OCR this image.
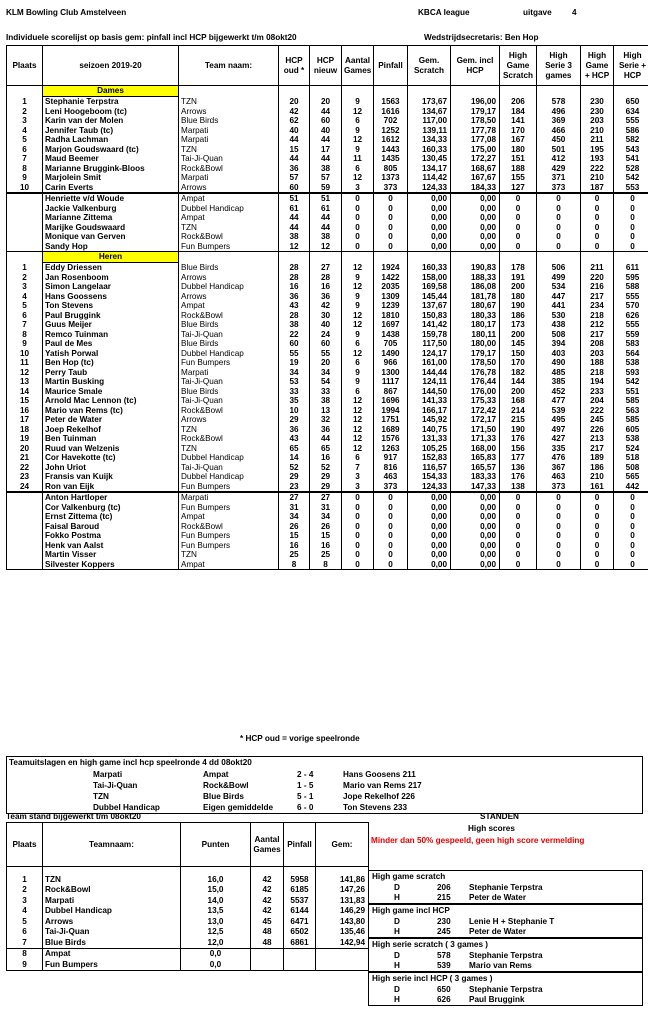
KLM Bowling Club Amstelveen	KBCA league	uitgave 4
Individuele scorelijst op basis gem: pinfall incl HCP bijgewerkt t/m 08okt20	Wedstrijdsecretaris: Ben Hop
Plaats	seizoen 2019-20	Team naam:	HCP oud *	HCP nieuw	Aantal Games	Pinfall	Gem. Scratch	Gem. incl HCP	High Game Scratch	High Serie 3 games	High Game + HCP	High Serie + HCP
	Dames											
1	Stephanie Terpstra	TZN	20	20	9	1563	173,67	196,00	206	578	230	650
2	Leni Hoogeboom (tc)	Arrows	42	44	12	1616	134,67	179,17	184	496	230	634
3	Karin van der Molen	Blue Birds	62	60	6	702	117,00	178,50	141	369	203	555
4	Jennifer Taub (tc)	Marpati	40	40	9	1252	139,11	177,78	170	466	210	586
5	Radha Lachman	Marpati	44	44	12	1612	134,33	177,08	167	450	211	582
6	Marjon Goudswaard (tc)	TZN	15	17	9	1443	160,33	175,00	180	501	195	543
7	Maud Beemer	Tai-Ji-Quan	44	44	11	1435	130,45	172,27	151	412	193	541
8	Marianne Bruggink-Bloos	Rock&Bowl	36	38	6	805	134,17	168,67	188	429	222	528
9	Marjolein Smit	Marpati	57	57	12	1373	114,42	167,67	155	371	210	542
10	Carin Everts	Arrows	60	59	3	373	124,33	184,33	127	373	187	553
	Henriette v/d Woude	Ampat	51	51	0	0	0,00	0,00	0	0	0	0
	Jackie Valkenburg	Dubbel Handicap	61	61	0	0	0,00	0,00	0	0	0	0
	Marianne Zittema	Ampat	44	44	0	0	0,00	0,00	0	0	0	0
	Marijke Goudswaard	TZN	44	44	0	0	0,00	0,00	0	0	0	0
	Monique van Gerven	Rock&Bowl	38	38	0	0	0,00	0,00	0	0	0	0
	Sandy Hop	Fun Bumpers	12	12	0	0	0,00	0,00	0	0	0	0
	Heren											
1	Eddy Driessen	Blue Birds	28	27	12	1924	160,33	190,83	178	506	211	611
2	Jan Rosenboom	Arrows	28	28	9	1422	158,00	188,33	191	499	220	595
3	Simon Langelaar	Dubbel Handicap	16	16	12	2035	169,58	186,08	200	534	216	588
4	Hans Goossens	Arrows	36	36	9	1309	145,44	181,78	180	447	217	555
5	Ton Stevens	Ampat	43	42	9	1239	137,67	180,67	190	441	234	570
6	Paul Bruggink	Rock&Bowl	28	30	12	1810	150,83	180,33	186	530	218	626
7	Guus Meijer	Blue Birds	38	40	12	1697	141,42	180,17	173	438	212	555
8	Remco Tuinman	Tai-Ji-Quan	22	24	9	1438	159,78	180,11	200	508	217	559
9	Paul de Mes	Blue Birds	60	60	6	705	117,50	180,00	145	394	208	583
10	Yatish Porwal	Dubbel Handicap	55	55	12	1490	124,17	179,17	150	403	203	564
11	Ben Hop (tc)	Fun Bumpers	19	20	6	966	161,00	178,50	170	490	188	538
12	Perry Taub	Marpati	34	34	9	1300	144,44	176,78	182	485	218	593
13	Martin Busking	Tai-Ji-Quan	53	54	9	1117	124,11	176,44	144	385	194	542
14	Maurice Smale	Blue Birds	33	33	6	867	144,50	176,00	200	452	233	551
15	Arnold Mac Lennon (tc)	Tai-Ji-Quan	35	38	12	1696	141,33	175,33	168	477	204	585
16	Mario van Rems (tc)	Rock&Bowl	10	13	12	1994	166,17	172,42	214	539	222	563
17	Peter de Water	Arrows	29	32	12	1751	145,92	172,17	215	495	245	585
18	Joep Rekelhof	TZN	36	36	12	1689	140,75	171,50	190	497	226	605
19	Ben Tuinman	Rock&Bowl	43	44	12	1576	131,33	171,33	176	427	213	538
20	Ruud van Welzenis	TZN	65	65	12	1263	105,25	168,00	156	335	217	524
21	Cor Havekotte (tc)	Dubbel Handicap	14	16	6	917	152,83	165,83	177	476	189	518
22	John Uriot	Tai-Ji-Quan	52	52	7	816	116,57	165,57	136	367	186	508
23	Fransis van Kuijk	Dubbel Handicap	29	29	3	463	154,33	183,33	176	463	210	565
24	Ron van Eijk	Fun Bumpers	23	29	3	373	124,33	147,33	138	373	161	442
	Anton Hartloper	Marpati	27	27	0	0	0,00	0,00	0	0	0	0
	Cor Valkenburg (tc)	Fun Bumpers	31	31	0	0	0,00	0,00	0	0	0	0
	Ernst Zittema (tc)	Ampat	34	34	0	0	0,00	0,00	0	0	0	0
	Faisal Baroud	Rock&Bowl	26	26	0	0	0,00	0,00	0	0	0	0
	Fokko Postma	Fun Bumpers	15	15	0	0	0,00	0,00	0	0	0	0
	Henk van Aalst	Fun Bumpers	16	16	0	0	0,00	0,00	0	0	0	0
	Martin Visser	TZN	25	25	0	0	0,00	0,00	0	0	0	0
	Silvester Koppers	Ampat	8	8	0	0	0,00	0,00	0	0	0	0
* HCP oud = vorige speelronde
Teamuitslagen en high game incl hcp speelronde 4 dd 08okt20
Marpati	Ampat	2 - 4	Hans Goosens 211
Tai-Ji-Quan	Rock&Bowl	1 - 5	Mario van Rems 217
TZN	Blue Birds	5 - 1	Jope Rekelhof 226
Dubbel Handicap	Eigen gemiddelde	6 - 0	Ton Stevens 233
Team stand bijgewerkt t/m 08okt20	STANDEN
Plaats	Teamnaam:	Punten	Aantal Games	Pinfall	Gem:

1	TZN	16,0	42	5958	141,86
2	Rock&Bowl	15,0	42	6185	147,26
3	Marpati	14,0	42	5537	131,83
4	Dubbel Handicap	13,5	42	6144	146,29
5	Arrows	13,0	45	6471	143,80
6	Tai-Ji-Quan	12,5	48	6502	135,46
7	Blue Birds	12,0	48	6861	142,94
8	Ampat	0,0			
9	Fun Bumpers	0,0			
High scores
Minder dan 50% gespeeld, geen high score vermelding
High game scratch
D	206 Stephanie Terpstra
H	215 Peter de Water
High game incl HCP
D	230 Lenie H + Stephanie T
H	245 Peter de Water
High serie scratch ( 3 games )
D	578 Stephanie Terpstra
H	539 Mario van Rems
High serie incl HCP ( 3 games )
D	650 Stephanie Terpstra
H	626 Paul Bruggink
